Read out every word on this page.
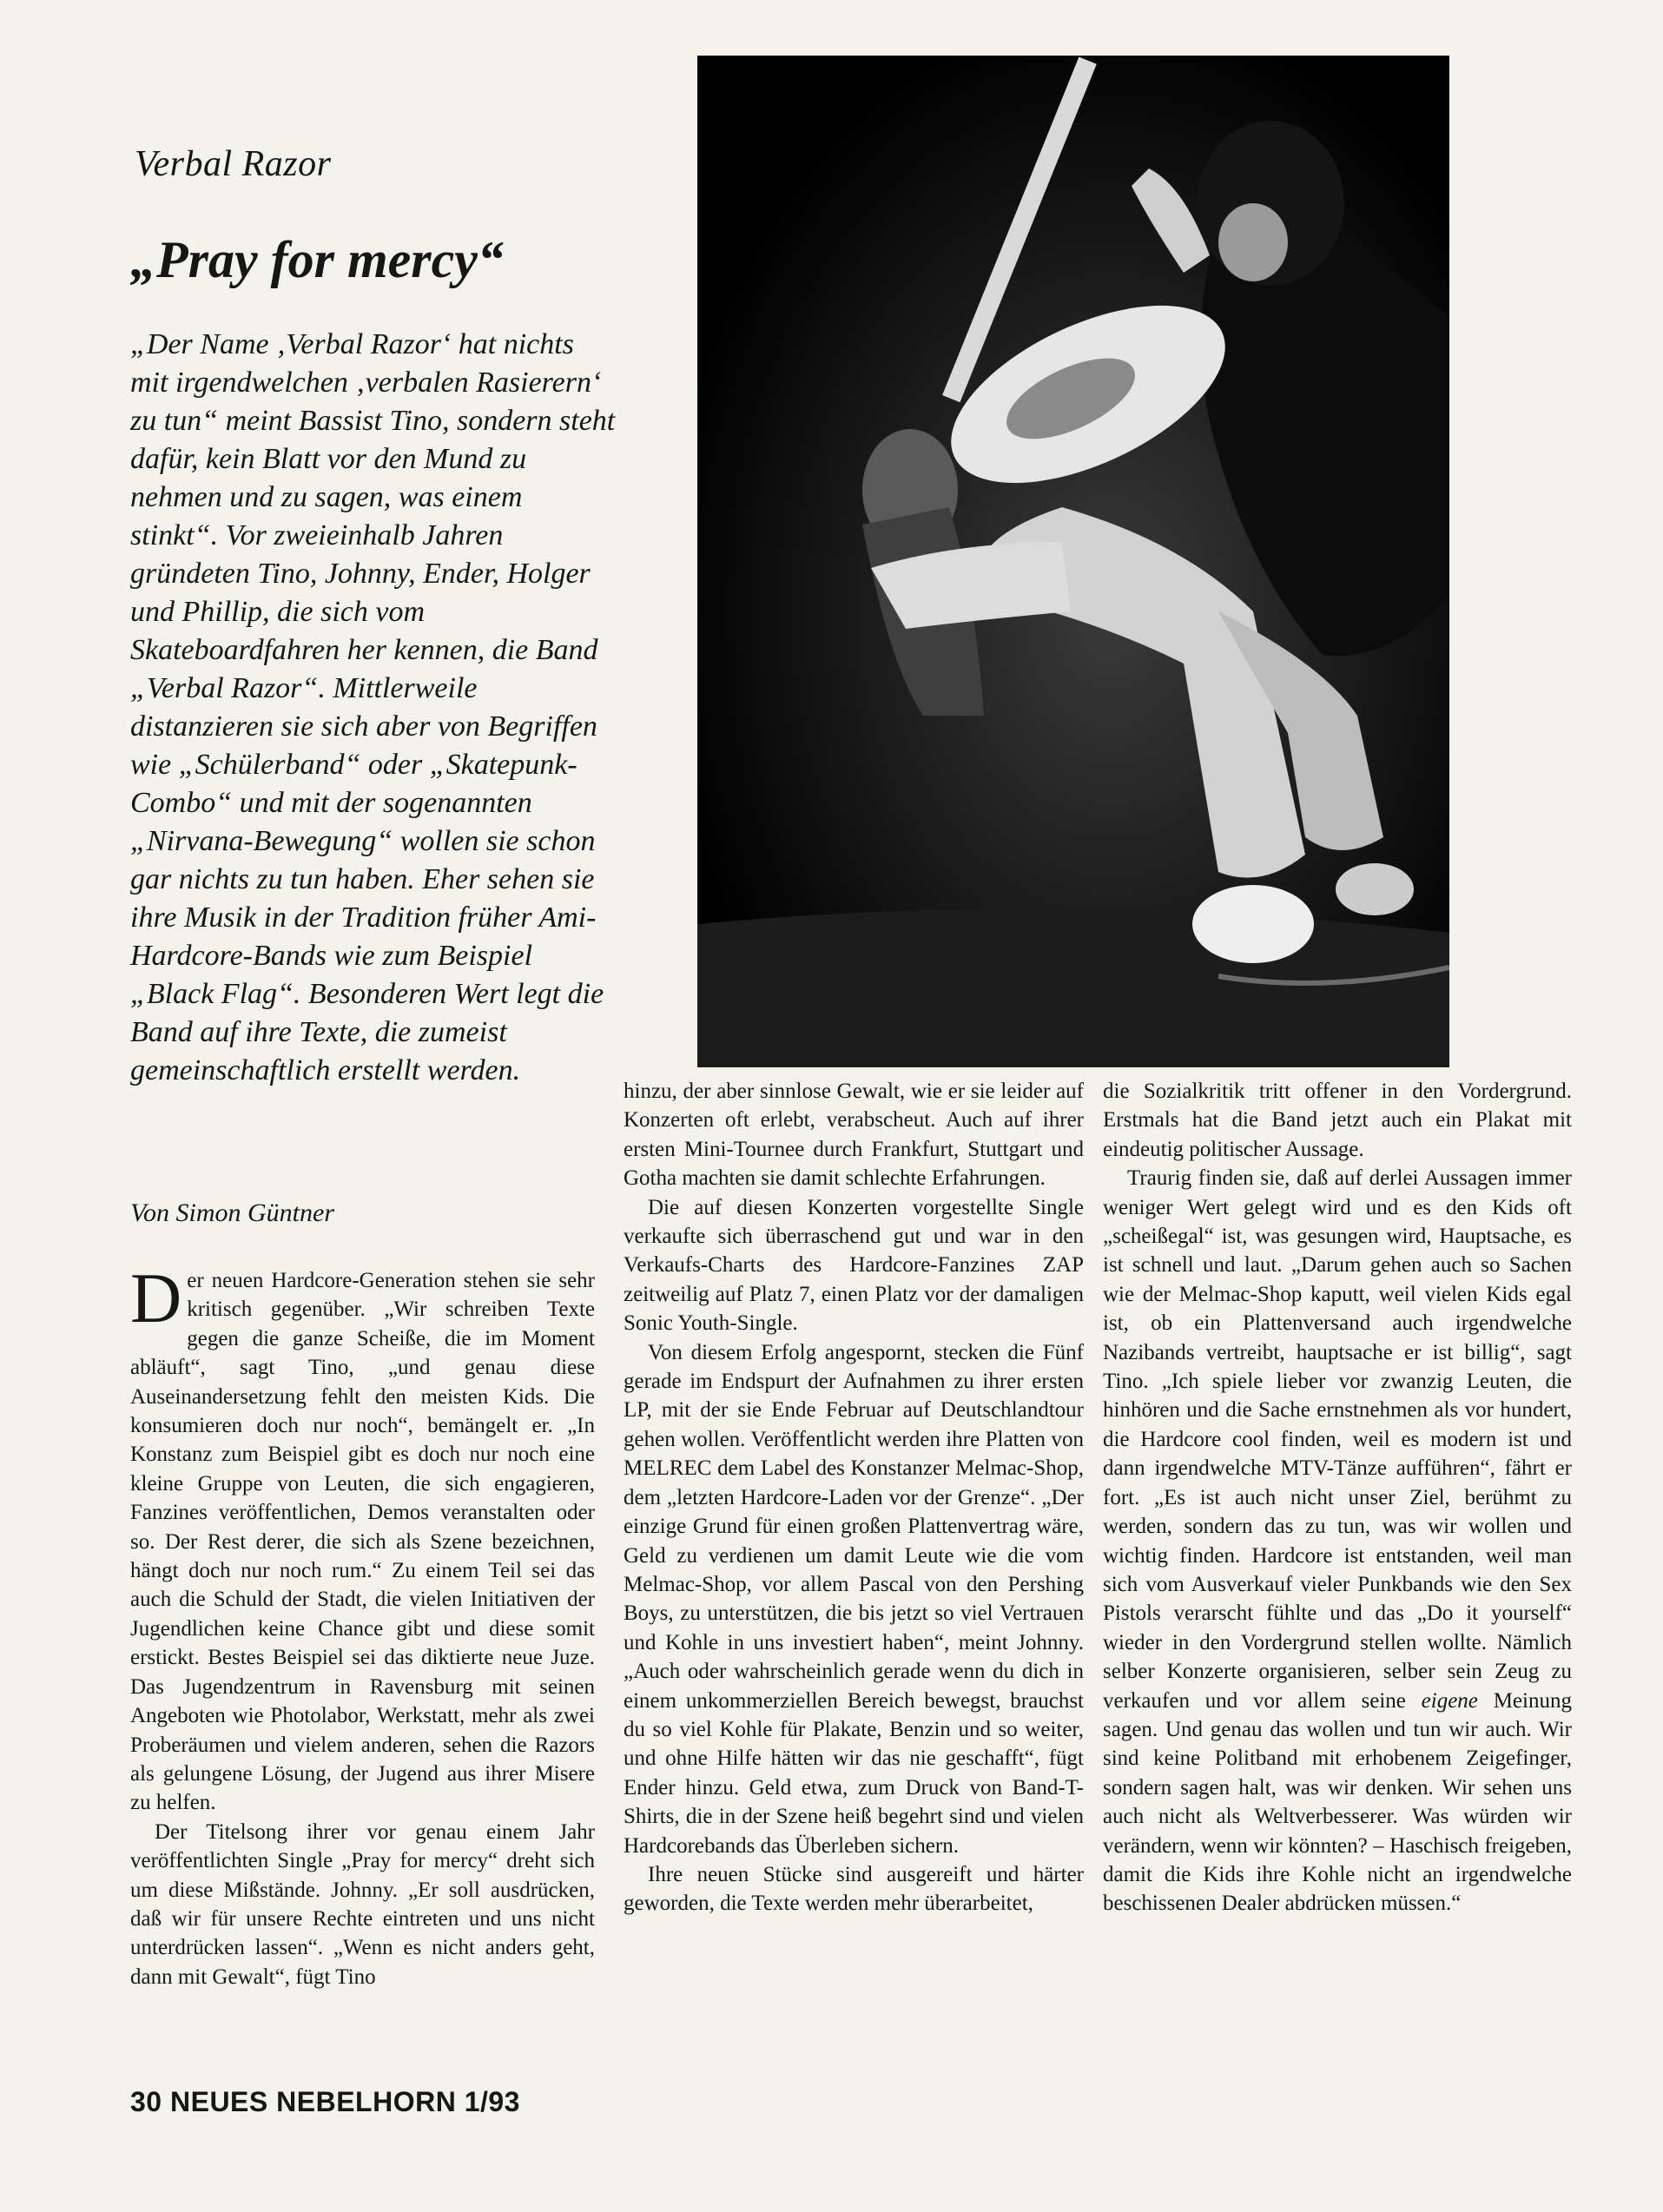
Verbal Razor
„Pray for mercy“

„Der Name ‚Verbal Razor‘ hat nichts mit irgendwelchen ‚verbalen Rasierern‘ zu tun“ meint Bassist Tino, sondern steht dafür, kein Blatt vor den Mund zu nehmen und zu sagen, was einem stinkt“. Vor zweieinhalb Jahren gründeten Tino, Johnny, Ender, Holger und Phillip, die sich vom Skateboardfahren her kennen, die Band „Verbal Razor“. Mittlerweile distanzieren sie sich aber von Begriffen wie „Schülerband“ oder „Skatepunk-Combo“ und mit der sogenannten „Nirvana-Bewegung“ wollen sie schon gar nichts zu tun haben. Eher sehen sie ihre Musik in der Tradition früher Ami-Hardcore-Bands wie zum Beispiel „Black Flag“. Besonderen Wert legt die Band auf ihre Texte, die zumeist gemeinschaftlich erstellt werden.

Von Simon Güntner

Der neuen Hardcore-Generation stehen sie sehr kritisch gegenüber. „Wir schreiben Texte gegen die ganze Scheiße, die im Moment abläuft“, sagt Tino, „und genau diese Auseinandersetzung fehlt den meisten Kids. Die konsumieren doch nur noch“, bemängelt er. „In Konstanz zum Beispiel gibt es doch nur noch eine kleine Gruppe von Leuten, die sich engagieren, Fanzines veröffentlichen, Demos veranstalten oder so. Der Rest derer, die sich als Szene bezeichnen, hängt doch nur noch rum.“ Zu einem Teil sei das auch die Schuld der Stadt, die vielen Initiativen der Jugendlichen keine Chance gibt und diese somit erstickt. Bestes Beispiel sei das diktierte neue Juze. Das Jugendzentrum in Ravensburg mit seinen Angeboten wie Photolabor, Werkstatt, mehr als zwei Proberäumen und vielem anderen, sehen die Razors als gelungene Lösung, der Jugend aus ihrer Misere zu helfen.

Der Titelsong ihrer vor genau einem Jahr veröffentlichten Single „Pray for mercy“ dreht sich um diese Mißstände. Johnny. „Er soll ausdrücken, daß wir für unsere Rechte eintreten und uns nicht unterdrücken lassen“. „Wenn es nicht anders geht, dann mit Gewalt“, fügt Tino

hinzu, der aber sinnlose Gewalt, wie er sie leider auf Konzerten oft erlebt, verabscheut. Auch auf ihrer ersten Mini-Tournee durch Frankfurt, Stuttgart und Gotha machten sie damit schlechte Erfahrungen.

Die auf diesen Konzerten vorgestellte Single verkaufte sich überraschend gut und war in den Verkaufs-Charts des Hardcore-Fanzines ZAP zeitweilig auf Platz 7, einen Platz vor der damaligen Sonic Youth-Single.

Von diesem Erfolg angespornt, stecken die Fünf gerade im Endspurt der Aufnahmen zu ihrer ersten LP, mit der sie Ende Februar auf Deutschlandtour gehen wollen. Veröffentlicht werden ihre Platten von MELREC dem Label des Konstanzer Melmac-Shop, dem „letzten Hardcore-Laden vor der Grenze“. „Der einzige Grund für einen großen Plattenvertrag wäre, Geld zu verdienen um damit Leute wie die vom Melmac-Shop, vor allem Pascal von den Pershing Boys, zu unterstützen, die bis jetzt so viel Vertrauen und Kohle in uns investiert haben“, meint Johnny. „Auch oder wahrscheinlich gerade wenn du dich in einem unkommerziellen Bereich bewegst, brauchst du so viel Kohle für Plakate, Benzin und so weiter, und ohne Hilfe hätten wir das nie geschafft“, fügt Ender hinzu. Geld etwa, zum Druck von Band-T-Shirts, die in der Szene heiß begehrt sind und vielen Hardcorebands das Überleben sichern.

Ihre neuen Stücke sind ausgereift und härter geworden, die Texte werden mehr überarbeitet,

die Sozialkritik tritt offener in den Vordergrund. Erstmals hat die Band jetzt auch ein Plakat mit eindeutig politischer Aussage.

Traurig finden sie, daß auf derlei Aussagen immer weniger Wert gelegt wird und es den Kids oft „scheißegal“ ist, was gesungen wird, Hauptsache, es ist schnell und laut. „Darum gehen auch so Sachen wie der Melmac-Shop kaputt, weil vielen Kids egal ist, ob ein Plattenversand auch irgendwelche Nazibands vertreibt, hauptsache er ist billig“, sagt Tino. „Ich spiele lieber vor zwanzig Leuten, die hinhören und die Sache ernstnehmen als vor hundert, die Hardcore cool finden, weil es modern ist und dann irgendwelche MTV-Tänze aufführen“, fährt er fort. „Es ist auch nicht unser Ziel, berühmt zu werden, sondern das zu tun, was wir wollen und wichtig finden. Hardcore ist entstanden, weil man sich vom Ausverkauf vieler Punkbands wie den Sex Pistols verarscht fühlte und das „Do it yourself“ wieder in den Vordergrund stellen wollte. Nämlich selber Konzerte organisieren, selber sein Zeug zu verkaufen und vor allem seine eigene Meinung sagen. Und genau das wollen und tun wir auch. Wir sind keine Politband mit erhobenem Zeigefinger, sondern sagen halt, was wir denken. Wir sehen uns auch nicht als Weltverbesserer. Was würden wir verändern, wenn wir könnten? – Haschisch freigeben, damit die Kids ihre Kohle nicht an irgendwelche beschissenen Dealer abdrücken müssen.“

30 NEUES NEBELHORN 1/93
